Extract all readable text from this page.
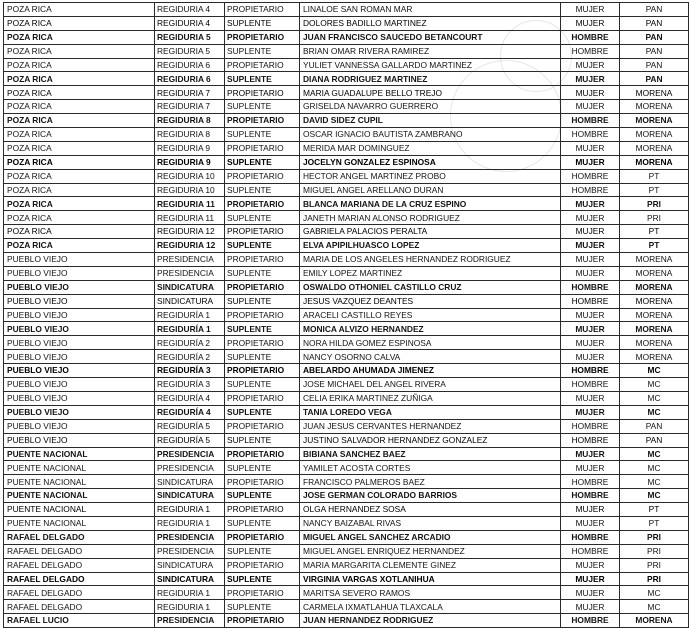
POZA RICA	REGIDURIA 4	PROPIETARIO	LINALOE SAN ROMAN MAR	MUJER	PAN
POZA RICA	REGIDURIA 4	SUPLENTE	DOLORES BADILLO MARTINEZ	MUJER	PAN
POZA RICA	REGIDURIA 5	PROPIETARIO	JUAN FRANCISCO SAUCEDO BETANCOURT	HOMBRE	PAN
POZA RICA	REGIDURIA 5	SUPLENTE	BRIAN OMAR RIVERA RAMIREZ	HOMBRE	PAN
POZA RICA	REGIDURIA 6	PROPIETARIO	YULIET VANNESSA GALLARDO MARTINEZ	MUJER	PAN
POZA RICA	REGIDURIA 6	SUPLENTE	DIANA RODRIGUEZ MARTINEZ	MUJER	PAN
POZA RICA	REGIDURIA 7	PROPIETARIO	MARIA GUADALUPE BELLO TREJO	MUJER	MORENA
POZA RICA	REGIDURIA 7	SUPLENTE	GRISELDA NAVARRO GUERRERO	MUJER	MORENA
POZA RICA	REGIDURIA 8	PROPIETARIO	DAVID SIDEZ CUPIL	HOMBRE	MORENA
POZA RICA	REGIDURIA 8	SUPLENTE	OSCAR IGNACIO BAUTISTA ZAMBRANO	HOMBRE	MORENA
POZA RICA	REGIDURIA 9	PROPIETARIO	MERIDA MAR DOMINGUEZ	MUJER	MORENA
POZA RICA	REGIDURIA 9	SUPLENTE	JOCELYN GONZALEZ ESPINOSA	MUJER	MORENA
POZA RICA	REGIDURIA 10	PROPIETARIO	HECTOR ANGEL MARTINEZ PROBO	HOMBRE	PT
POZA RICA	REGIDURIA 10	SUPLENTE	MIGUEL ANGEL ARELLANO DURAN	HOMBRE	PT
POZA RICA	REGIDURIA 11	PROPIETARIO	BLANCA MARIANA DE LA CRUZ ESPINO	MUJER	PRI
POZA RICA	REGIDURIA 11	SUPLENTE	JANETH MARIAN ALONSO RODRIGUEZ	MUJER	PRI
POZA RICA	REGIDURIA 12	PROPIETARIO	GABRIELA PALACIOS PERALTA	MUJER	PT
POZA RICA	REGIDURIA 12	SUPLENTE	ELVA APIPILHUASCO LOPEZ	MUJER	PT
PUEBLO VIEJO	PRESIDENCIA	PROPIETARIO	MARIA DE LOS ANGELES HERNANDEZ RODRIGUEZ	MUJER	MORENA
PUEBLO VIEJO	PRESIDENCIA	SUPLENTE	EMILY LOPEZ MARTINEZ	MUJER	MORENA
PUEBLO VIEJO	SINDICATURA	PROPIETARIO	OSWALDO OTHONIEL CASTILLO CRUZ	HOMBRE	MORENA
PUEBLO VIEJO	SINDICATURA	SUPLENTE	JESUS VAZQUEZ DEANTES	HOMBRE	MORENA
PUEBLO VIEJO	REGIDURÍA 1	PROPIETARIO	ARACELI CASTILLO REYES	MUJER	MORENA
PUEBLO VIEJO	REGIDURÍA 1	SUPLENTE	MONICA ALVIZO HERNANDEZ	MUJER	MORENA
PUEBLO VIEJO	REGIDURÍA 2	PROPIETARIO	NORA HILDA GOMEZ ESPINOSA	MUJER	MORENA
PUEBLO VIEJO	REGIDURÍA 2	SUPLENTE	NANCY OSORNO CALVA	MUJER	MORENA
PUEBLO VIEJO	REGIDURÍA 3	PROPIETARIO	ABELARDO AHUMADA JIMENEZ	HOMBRE	MC
PUEBLO VIEJO	REGIDURÍA 3	SUPLENTE	JOSE MICHAEL DEL ANGEL RIVERA	HOMBRE	MC
PUEBLO VIEJO	REGIDURÍA 4	PROPIETARIO	CELIA ERIKA MARTINEZ ZUÑIGA	MUJER	MC
PUEBLO VIEJO	REGIDURÍA 4	SUPLENTE	TANIA LOREDO VEGA	MUJER	MC
PUEBLO VIEJO	REGIDURÍA 5	PROPIETARIO	JUAN JESUS CERVANTES HERNANDEZ	HOMBRE	PAN
PUEBLO VIEJO	REGIDURÍA 5	SUPLENTE	JUSTINO SALVADOR HERNANDEZ GONZALEZ	HOMBRE	PAN
PUENTE NACIONAL	PRESIDENCIA	PROPIETARIO	BIBIANA SANCHEZ BAEZ	MUJER	MC
PUENTE NACIONAL	PRESIDENCIA	SUPLENTE	YAMILET ACOSTA CORTES	MUJER	MC
PUENTE NACIONAL	SINDICATURA	PROPIETARIO	FRANCISCO PALMEROS BAEZ	HOMBRE	MC
PUENTE NACIONAL	SINDICATURA	SUPLENTE	JOSE GERMAN COLORADO BARRIOS	HOMBRE	MC
PUENTE NACIONAL	REGIDURIA 1	PROPIETARIO	OLGA HERNANDEZ SOSA	MUJER	PT
PUENTE NACIONAL	REGIDURIA 1	SUPLENTE	NANCY BAIZABAL RIVAS	MUJER	PT
RAFAEL DELGADO	PRESIDENCIA	PROPIETARIO	MIGUEL ANGEL SANCHEZ ARCADIO	HOMBRE	PRI
RAFAEL DELGADO	PRESIDENCIA	SUPLENTE	MIGUEL ANGEL ENRIQUEZ HERNANDEZ	HOMBRE	PRI
RAFAEL DELGADO	SINDICATURA	PROPIETARIO	MARIA MARGARITA CLEMENTE GINEZ	MUJER	PRI
RAFAEL DELGADO	SINDICATURA	SUPLENTE	VIRGINIA VARGAS XOTLANIHUA	MUJER	PRI
RAFAEL DELGADO	REGIDURIA 1	PROPIETARIO	MARITSA SEVERO RAMOS	MUJER	MC
RAFAEL DELGADO	REGIDURIA 1	SUPLENTE	CARMELA IXMATLAHUA TLAXCALA	MUJER	MC
RAFAEL LUCIO	PRESIDENCIA	PROPIETARIO	JUAN HERNANDEZ RODRIGUEZ	HOMBRE	MORENA
